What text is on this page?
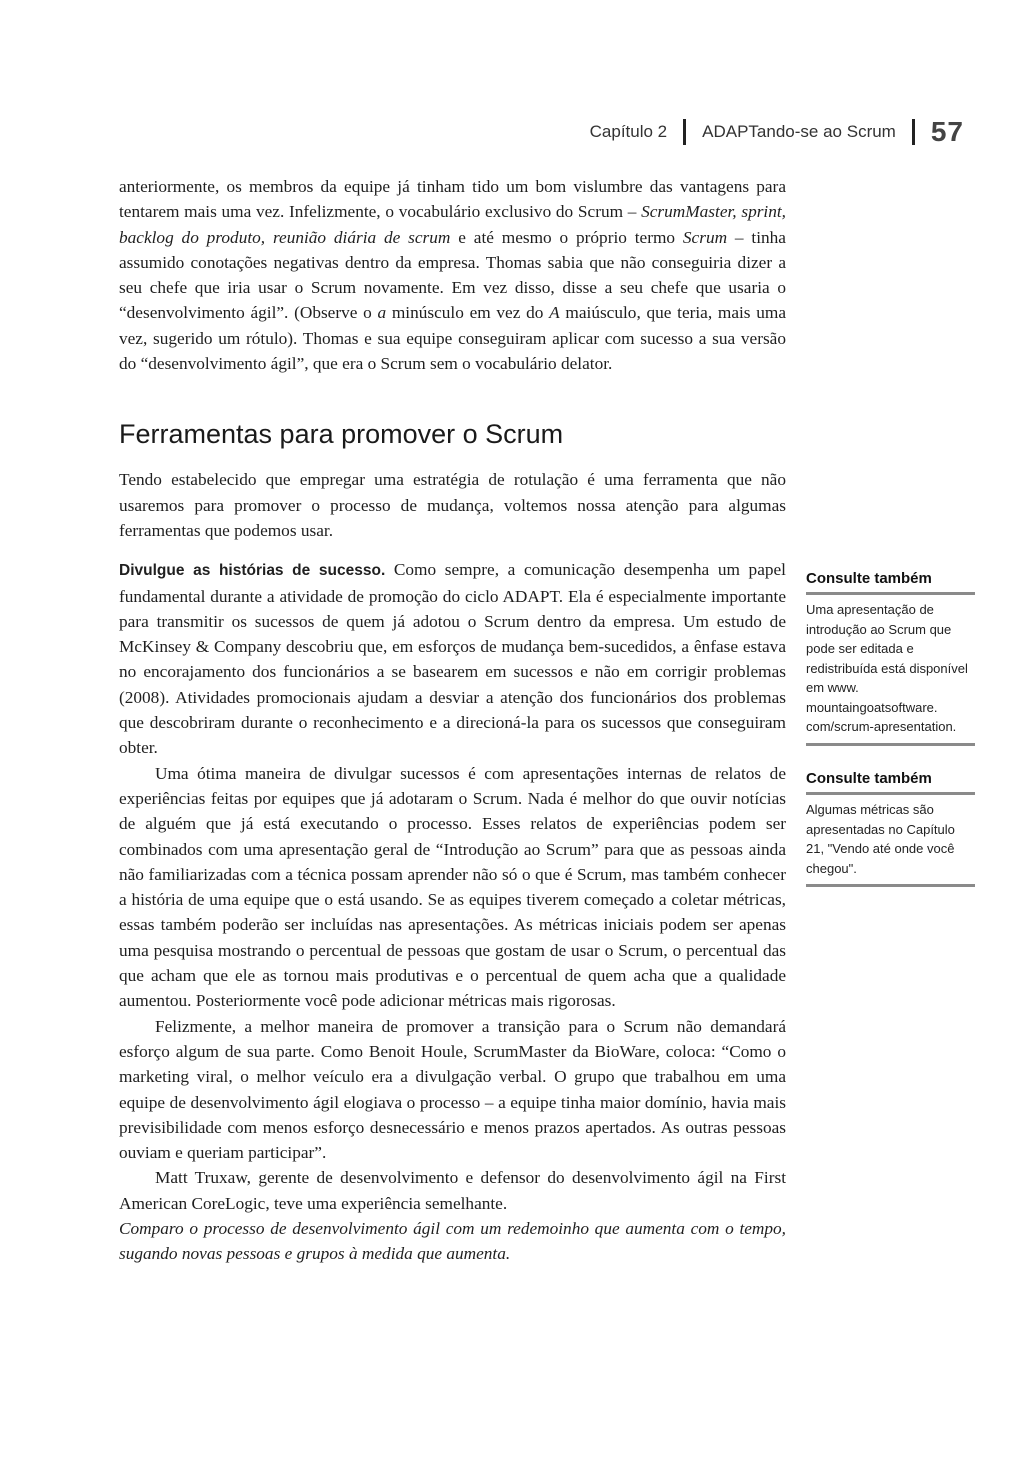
Capítulo 2 ADAPTando-se ao Scrum 57

anteriormente, os membros da equipe já tinham tido um bom vislumbre das vantagens para tentarem mais uma vez. Infelizmente, o vocabulário exclusivo do Scrum – ScrumMaster, sprint, backlog do produto, reunião diária de scrum e até mesmo o próprio termo Scrum – tinha assumido conotações negativas dentro da empresa. Thomas sabia que não conseguiria dizer a seu chefe que iria usar o Scrum novamente. Em vez disso, disse a seu chefe que usaria o “desenvolvimento ágil”. (Observe o a minúsculo em vez do A maiúsculo, que teria, mais uma vez, sugerido um rótulo). Thomas e sua equipe conseguiram aplicar com sucesso a sua versão do “desenvolvimento ágil”, que era o Scrum sem o vocabulário delator.

Ferramentas para promover o Scrum

Tendo estabelecido que empregar uma estratégia de rotulação é uma ferramenta que não usaremos para promover o processo de mudança, voltemos nossa atenção para algumas ferramentas que podemos usar.

Divulgue as histórias de sucesso. Como sempre, a comunicação desempenha um papel fundamental durante a atividade de promoção do ciclo ADAPT. Ela é especialmente importante para transmitir os sucessos de quem já adotou o Scrum dentro da empresa. Um estudo de McKinsey & Company descobriu que, em esforços de mudança bem-sucedidos, a ênfase estava no encorajamento dos funcionários a se basearem em sucessos e não em corrigir problemas (2008). Atividades promocionais ajudam a desviar a atenção dos funcionários dos problemas que descobriram durante o reconhecimento e a direcioná-la para os sucessos que conseguiram obter.

Uma ótima maneira de divulgar sucessos é com apresentações internas de relatos de experiências feitas por equipes que já adotaram o Scrum. Nada é melhor do que ouvir notícias de alguém que já está executando o processo. Esses relatos de experiências podem ser combinados com uma apresentação geral de “Introdução ao Scrum” para que as pessoas ainda não familiarizadas com a técnica possam aprender não só o que é Scrum, mas também conhecer a história de uma equipe que o está usando. Se as equipes tiverem começado a coletar métricas, essas também poderão ser incluídas nas apresentações. As métricas iniciais podem ser apenas uma pesquisa mostrando o percentual de pessoas que gostam de usar o Scrum, o percentual das que acham que ele as tornou mais produtivas e o percentual de quem acha que a qualidade aumentou. Posteriormente você pode adicionar métricas mais rigorosas.

Felizmente, a melhor maneira de promover a transição para o Scrum não demandará esforço algum de sua parte. Como Benoit Houle, ScrumMaster da BioWare, coloca: “Como o marketing viral, o melhor veículo era a divulgação verbal. O grupo que trabalhou em uma equipe de desenvolvimento ágil elogiava o processo – a equipe tinha maior domínio, havia mais previsibilidade com menos esforço desnecessário e menos prazos apertados. As outras pessoas ouviam e queriam participar”.

Matt Truxaw, gerente de desenvolvimento e defensor do desenvolvimento ágil na First American CoreLogic, teve uma experiência semelhante.

Comparo o processo de desenvolvimento ágil com um redemoinho que aumenta com o tempo, sugando novas pessoas e grupos à medida que aumenta.

Consulte também
Uma apresentação de introdução ao Scrum que pode ser editada e redistribuída está disponível em www. mountaingoatsoftware. com/scrum-apresentation.
Consulte também
Algumas métricas são apresentadas no Capítulo 21, "Vendo até onde você chegou".
